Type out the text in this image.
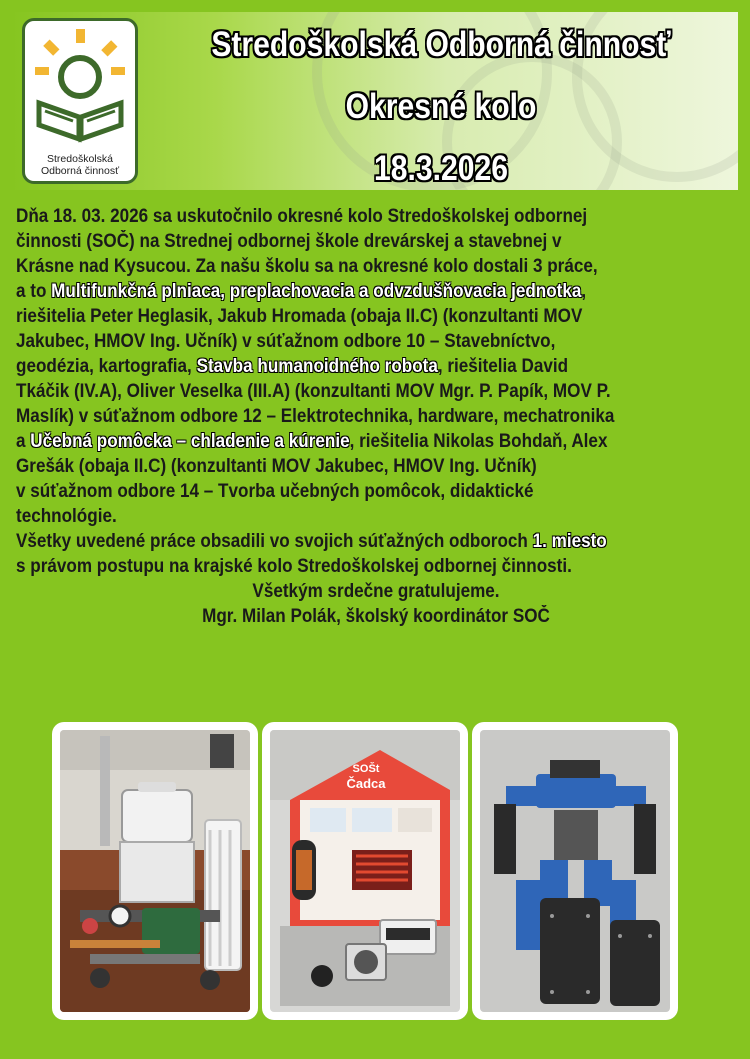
Stredoškolská
Odborná činnosť
Stredoškolská Odborná činnosť
Okresné kolo
18.3.2026
Dňa 18. 03. 2026 sa uskutočnilo okresné kolo Stredoškolskej odbornej
činnosti (SOČ) na Strednej odbornej škole drevárskej a stavebnej v
Krásne nad Kysucou. Za našu školu sa na okresné kolo dostali 3 práce,
a to Multifunkčná plniaca, preplachovacia a odvzdušňovacia jednotka,
riešitelia Peter Heglasik, Jakub Hromada (obaja II.C) (konzultanti MOV
Jakubec, HMOV Ing. Učník) v súťažnom odbore 10 – Stavebníctvo,
geodézia, kartografia, Stavba humanoidného robota, riešitelia David
Tkáčik (IV.A), Oliver Veselka (III.A) (konzultanti MOV Mgr. P. Papík, MOV P.
Maslík) v súťažnom odbore 12 – Elektrotechnika, hardware, mechatronika
a Učebná pomôcka – chladenie a kúrenie, riešitelia Nikolas Bohdaň, Alex
Grešák (obaja II.C) (konzultanti MOV Jakubec, HMOV Ing. Učník)
v súťažnom odbore 14 – Tvorba učebných pomôcok, didaktické
technológie.
Všetky uvedené práce obsadili vo svojich súťažných odboroch 1. miesto
s právom postupu na krajské kolo Stredoškolskej odbornej činnosti.
Všetkým srdečne gratulujeme.
Mgr. Milan Polák, školský koordinátor SOČ
SOŠt
Čadca
